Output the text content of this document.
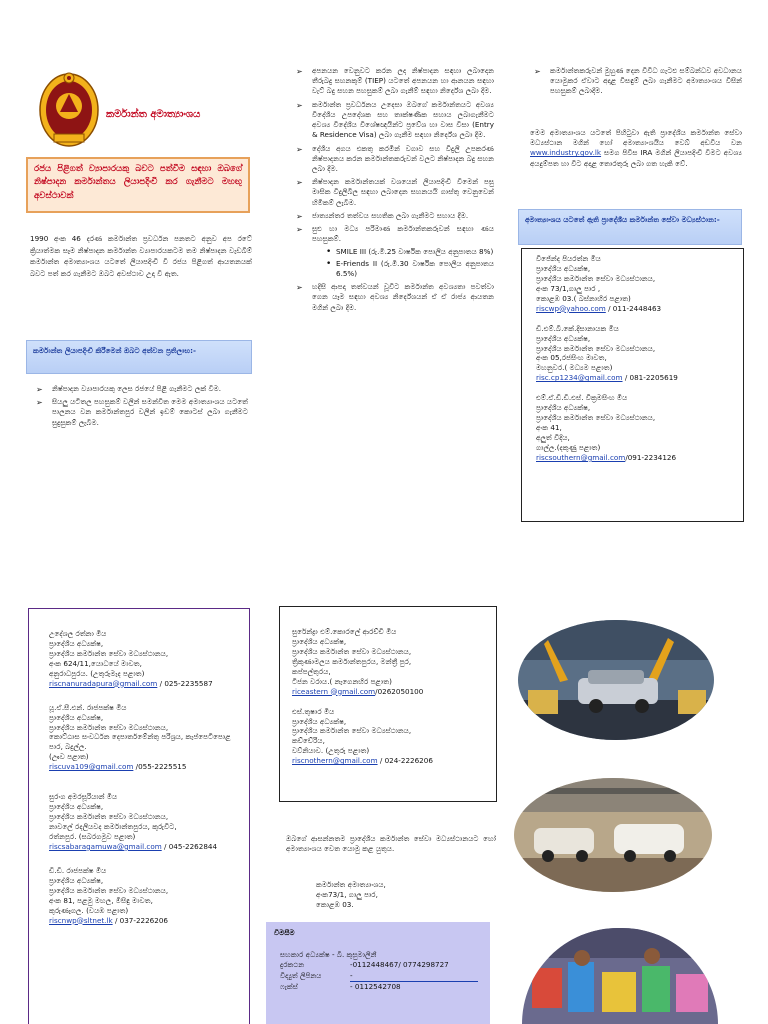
කර්මාන්ත අමාත්‍යාංශය
රජය පිළිගත් ව්‍යාපාරයකු බවට පත්වීම සඳහා ඔබගේ නිෂ්පාදන කර්මාන්තය ලියාපදිංචි කර ගැනීමට මහඟු අවස්ථාවක්
1990 අංක 46 දරණ කර්මාන්ත ප්‍රවර්ධන පනතට අනුව අප රටේ ක්‍රියාත්මක සෑම නිෂ්පාදන කර්මාන්ත ව්‍යාපාරයකටම තම නිෂ්පාදන වැඩබිම් කර්මාන්ත අමාත්‍යාංශය යටතේ ලියාපදිංචි වී රජය පිළිගත් ආයතනයක් බවට පත් කර ගැනීමට ඔබට අවස්ථාව උදා වී ඇත.
කර්මාන්ත ලියාපදිංචි කිරීමෙන් ඔබට අත්වන ප්‍රතිලාභ:-
➢ නිෂ්පාදන ව්‍යාපාරයකු ලෙස රජයේ පිළි ගැනීමට ලක් වීම.
➢ සියලු යටිතල පහසුකම් වලින් සමන්විත මෙම අමාත්‍යාංශය යටතේ පාලනය වන කර්මාන්තපුර වලින් ඉඩම් කොටස් ලබා ගැනීමට සුදුසුකම් ලැබීම.
➢ අපනයන වෙනුවට කරන ලද නිෂ්පාදන සඳහා ලබාදෙන තීරුබදු සහනකුම් (TIEP) යටතේ අපනයන හා ආනයන සඳහා වැට් බදු සහන පහසුකම් ලබා ගැනීම් සඳහා නිර්දේශ ලබා දීම.
➢ කර්මාන්ත ප්‍රවර්ධනය උදෙසා ඔබගේ කර්මාන්තයට අවශ්‍ය විදේශීය උපදේශක සහ තාක්ෂණික සහාය ලබාගැනීමට අවශ්‍ය විදේශීය විශේෂඥයින්ට ප්‍රවේශ හා වාස වීසා (Entry & Residence Visa) ලබා ගැනීම සඳහා නිර්දේශ ලබා දීම.
➢ දේශීය අගය එකතු කරමින් වගාව සහ විදුලි උපකරණ නිෂ්පාදනය කරන කර්මාන්තකරුවන් වලට නිෂ්පාදන බදු සහන ලබා දීම.
➢ නිෂ්පාදන කර්මාන්තයක් වශයෙන් ලියාපදිංචි වීමෙන් පසු මාසික විදුලිබිල සඳහා ලබාදෙන සහනයයි ගාස්තු වෙනුවෙන් හිමිකම් ලැබීම.
➢ ජාත්‍යන්තර තත්වය සහතික ලබා ගැනීමට සහාය දීම.
➢ සුළු හා මධ්‍ය පරිමාණ කර්මාන්තකරුවන් සඳහා ණය පහසුකම්.
• SMILE III (රු.මි.25 වාර්ෂික පොලිය අනුපාතය 8%)
• E-Friends II (රු.මි.30 වාර්ෂික පොලිය අනුපාතය 6.5%)
➢ හදිසි ආපදා තත්වයන් වූවිට කර්මාන්ත අවශ්‍යතා පවත්වා ගෙන යෑම සඳහා අවශ්‍ය නිර්දේශයන් ඒ ඒ රාජ්‍ය ආයතන මගින් ලබා දීම.
➢ කර්මාන්තකරුවන් මුහුණ දෙන විවිධ ගැටළු සම්බන්ධව අවධානය යොමුකර ඒවාට අදාළ විසඳුම් ලබා ගැනීමට අමාත්‍යාංශය විසින් පහසුකම් ලබාදීම.
මෙම අමාත්‍යාංශය යටතේ පිහිටුවා ඇති ප්‍රාදේශීය කර්මාන්ත සේවා මධ්‍යස්ථාන මගින් හෝ අමාත්‍යාංශයීය වෙබ් අඩවිය වන www.industry.gov.lk සමග පිවිස IRA මගින් ලියාපදිංචි වීමට අවශ්‍ය අයදුම්පත හා විට අදාළ තොරතුරු ලබා ගත හැකි වේ.
අමාත්‍යාංශය යටතේ ඇති ප්‍රාදේශීය කර්මාන්ත සේවා මධ්‍යස්ථාන:-
විජේන්ද පියරත්න මිය
ප්‍රාදේශීය අධ්‍යක්ෂ,
ප්‍රාදේශීය කර්මාන්ත සේවා මධ්‍යස්ථානය,
අංක 73/1,ගාලු පාර ,
කොළඹ 03.( බස්නාහිර පළාත)
riscwp@yahoo.com / 011-2448463
ඩී.එම්.බී.කේ.දිසානායක මිය
ප්‍රාදේශීය අධ්‍යක්ෂ,
ප්‍රාදේශීය කර්මාන්ත සේවා මධ්‍යස්ථානය,
අංක 05,රජසිංහ මාවත,
මහනුවර.( මධ්‍යම පළාත)
risc.cp1234@gmail.com / 081-2205619
එම්.ඒ.ඩී.ඩී.එස්. වික්‍රමසිංහ මිය
ප්‍රාදේශීය අධ්‍යක්ෂ,
ප්‍රාදේශීය කර්මාන්ත සේවා මධ්‍යස්ථානය,
අංක 41,
අලුත් විදිය,
ගාල්ල.(දකුණු පළාත)
riscsouthern@gmail.com/091-2234126
උදේශල රත්නා මිය
ප්‍රාදේශීය අධ්‍යක්ෂ,
ප්‍රාදේශීය කර්මාන්ත සේවා මධ්‍යස්ථානය,
අංක 624/11,යොධයේ මාවත,
අනුරාධපුරය. (උතුරුමැද පළාත)
riscnanuradapura@gmail.com / 025-2235587
යූ.ඒ.සී.එන්. රාජපක්ෂ මිය
ප්‍රාදේශීය අධ්‍යක්ෂ,
ප්‍රාදේශීය කර්මාන්ත සේවා මධ්‍යස්ථානය,
කොට්ඨාස සංවර්ධන දෙපාර්තමේන්තු පරිශ්‍රය, කැප්පෙටිපොළ පාර, බදුල්ල.
(ඌව පළාත)
riscuva109@gmail.com /055-2225515
සුරංග අමරසූරියාන් මිය
ප්‍රාදේශීය අධ්‍යක්ෂ,
ප්‍රාදේශීය කර්මාන්ත සේවා මධ්‍යස්ථානය,
නාවලේ රදලියවද කර්මාන්තපුරය, කුරුවිට,
රත්නපුර. (සබරගමුව පළාත)
riscsabaragamuwa@gmail.com / 045-2262844
ඩී.ඩී. රාජපක්ෂ මිය
ප්‍රාදේශීය අධ්‍යක්ෂ,
ප්‍රාදේශීය කර්මාන්ත සේවා මධ්‍යස්ථානය,
අංක 81, පළමු මහල, මීසිඳු මාවත,
කුරුණෑගල. (වයඹ පළාත)
riscnwp@sltnet.lk / 037-2226206
සුරේන්ද්‍රා එම්.කොරලේ ආරච්චි මිය
ප්‍රාදේශීය අධ්‍යක්ෂ,
ප්‍රාදේශීය කර්මාන්ත සේවා මධ්‍යස්ථානය,
ත්‍රිකුණාමලය කර්මාන්තපුරය, මන්ත්‍රී පුර,
කප්පල්තුරය,
ටිජන වරාය.( නැගෙනහිර පළාත)
riceastern @gmail.com/0262050100
එස්.තුෂාර මිය
ප්‍රාදේශීය අධ්‍යක්ෂ,
ප්‍රාදේශීය කර්මාන්ත සේවා මධ්‍යස්ථානය,
කච්චේරිය,
වව්නියාව. (උතුරු පළාත)
riscnothern@gmail.com / 024-2226206
ඔබගේ ආසන්නතම ප්‍රාදේශීය කර්මාන්ත සේවා මධ්‍යස්ථානයට හෝ අමාත්‍යාංශය වෙත යොමු කළ යුතුය.
කර්මාන්ත අමාත්‍යාංශය,
අංක73/1, ගාලු පාර,
කොළඹ 03.
විමසීම
සහකාර අධ්‍යක්ෂ - බී. කුසුමාලිනී
දුරකථන	-0112448467/ 0774298727
විද්‍යුත් ලිපිනය	-
ෆැක්ස්	- 0112542708
